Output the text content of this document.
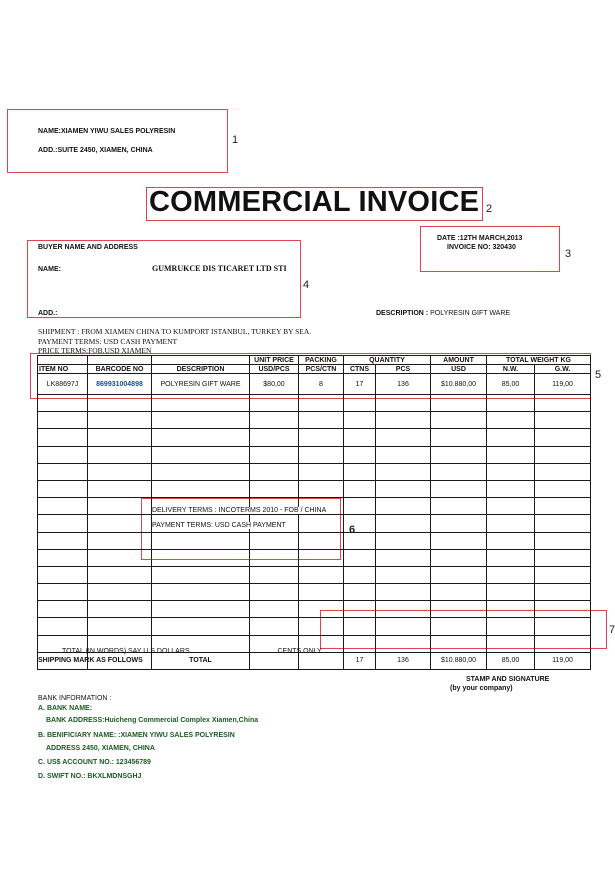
1
2
3
4
5
6
7
NAME:XIAMEN YIWU SALES POLYRESIN
ADD.:SUITE 2450, XIAMEN, CHINA
COMMERCIAL INVOICE
DATE :12TH MARCH,2013
INVOICE NO: 320430
BUYER NAME AND ADDRESS
NAME:	GUMRUKCE DIS TICARET LTD STI
ADD.:	DESCRIPTION : POLYRESIN GIFT WARE
SHIPMENT : FROM XIAMEN CHINA TO KUMPORT ISTANBUL, TURKEY BY SEA.
PAYMENT TERMS: USD CASH PAYMENT
PRICE TERMS:FOB.USD XIAMEN
			UNIT PRICE	PACKING	QUANTITY		AMOUNT	TOTAL WEIGHT KG	
ITEM NO	BARCODE NO	DESCRIPTION	USD/PCS	PCS/CTN	CTNS	PCS	USD	N.W.	G.W.
LK88697J	869931004898	POLYRESIN GIFT WARE	$80,00	8	17	136	$10.880,00	85,00	119,00

		TOTAL			17	136	$10.880,00	85,00	119,00
DELIVERY TERMS : INCOTERMS 2010 - FOB / CHINA
PAYMENT TERMS: USD CASH PAYMENT
TOTAL (IN WORDS) SAY U.S.DOLLARS ……………………………… CENTS ONLY.
SHIPPING MARK AS FOLLOWS
STAMP AND SIGNATURE
(by your company)
BANK INFORMATION :
A. BANK NAME:
BANK ADDRESS:Huicheng Commercial Complex Xiamen,China
B. BENIFICIARY NAME: :XIAMEN YIWU SALES POLYRESIN
ADDRESS 2450, XIAMEN, CHINA
C. US$ ACCOUNT NO.: 123456789
D. SWIFT NO.: BKXLMDNSGHJ
